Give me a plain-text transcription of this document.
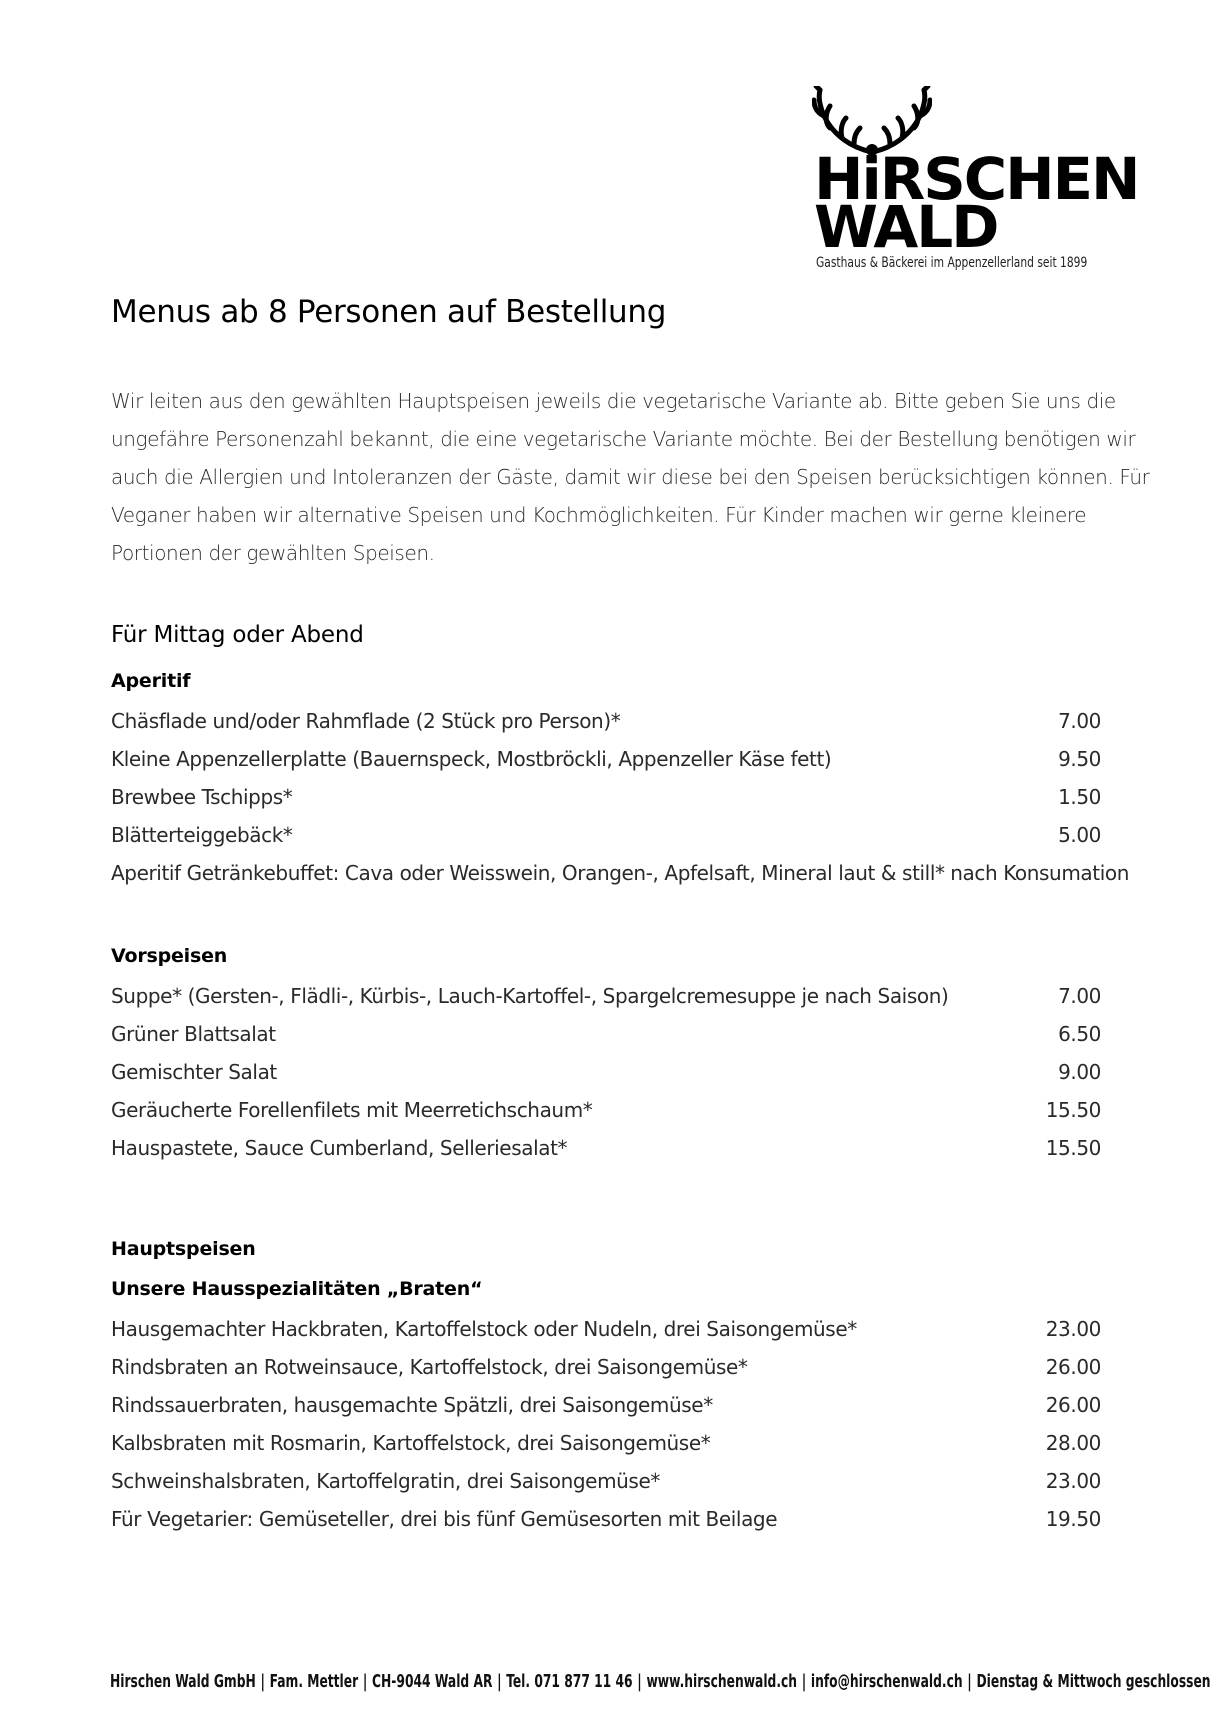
HiRSCHEN
WALD
Gasthaus & Bäckerei im Appenzellerland seit 1899
Menus ab 8 Personen auf Bestellung
Wir leiten aus den gewählten Hauptspeisen jeweils die vegetarische Variante ab. Bitte geben Sie uns die
ungefähre Personenzahl bekannt, die eine vegetarische Variante möchte. Bei der Bestellung benötigen wir
auch die Allergien und Intoleranzen der Gäste, damit wir diese bei den Speisen berücksichtigen können. Für
Veganer haben wir alternative Speisen und Kochmöglichkeiten. Für Kinder machen wir gerne kleinere
Portionen der gewählten Speisen.
Für Mittag oder Abend
Aperitif
Chäsflade und/oder Rahmflade (2 Stück pro Person)*	7.00
Kleine Appenzellerplatte (Bauernspeck, Mostbröckli, Appenzeller Käse fett)	9.50
Brewbee Tschipps*	1.50
Blätterteiggebäck*	5.00
Aperitif Getränkebuffet: Cava oder Weisswein, Orangen-, Apfelsaft, Mineral laut & still* nach Konsumation
Vorspeisen
Suppe* (Gersten-, Flädli-, Kürbis-, Lauch-Kartoffel-, Spargelcremesuppe je nach Saison)	7.00
Grüner Blattsalat	6.50
Gemischter Salat	9.00
Geräucherte Forellenfilets mit Meerretichschaum*	15.50
Hauspastete, Sauce Cumberland, Selleriesalat*	15.50
Hauptspeisen
Unsere Hausspezialitäten „Braten“
Hausgemachter Hackbraten, Kartoffelstock oder Nudeln, drei Saisongemüse*	23.00
Rindsbraten an Rotweinsauce, Kartoffelstock, drei Saisongemüse*	26.00
Rindssauerbraten, hausgemachte Spätzli, drei Saisongemüse*	26.00
Kalbsbraten mit Rosmarin, Kartoffelstock, drei Saisongemüse*	28.00
Schweinshalsbraten, Kartoffelgratin, drei Saisongemüse*	23.00
Für Vegetarier: Gemüseteller, drei bis fünf Gemüsesorten mit Beilage	19.50
Hirschen Wald GmbH | Fam. Mettler | CH-9044 Wald AR | Tel. 071 877 11 46 | www.hirschenwald.ch | info@hirschenwald.ch | Dienstag & Mittwoch geschlossen
